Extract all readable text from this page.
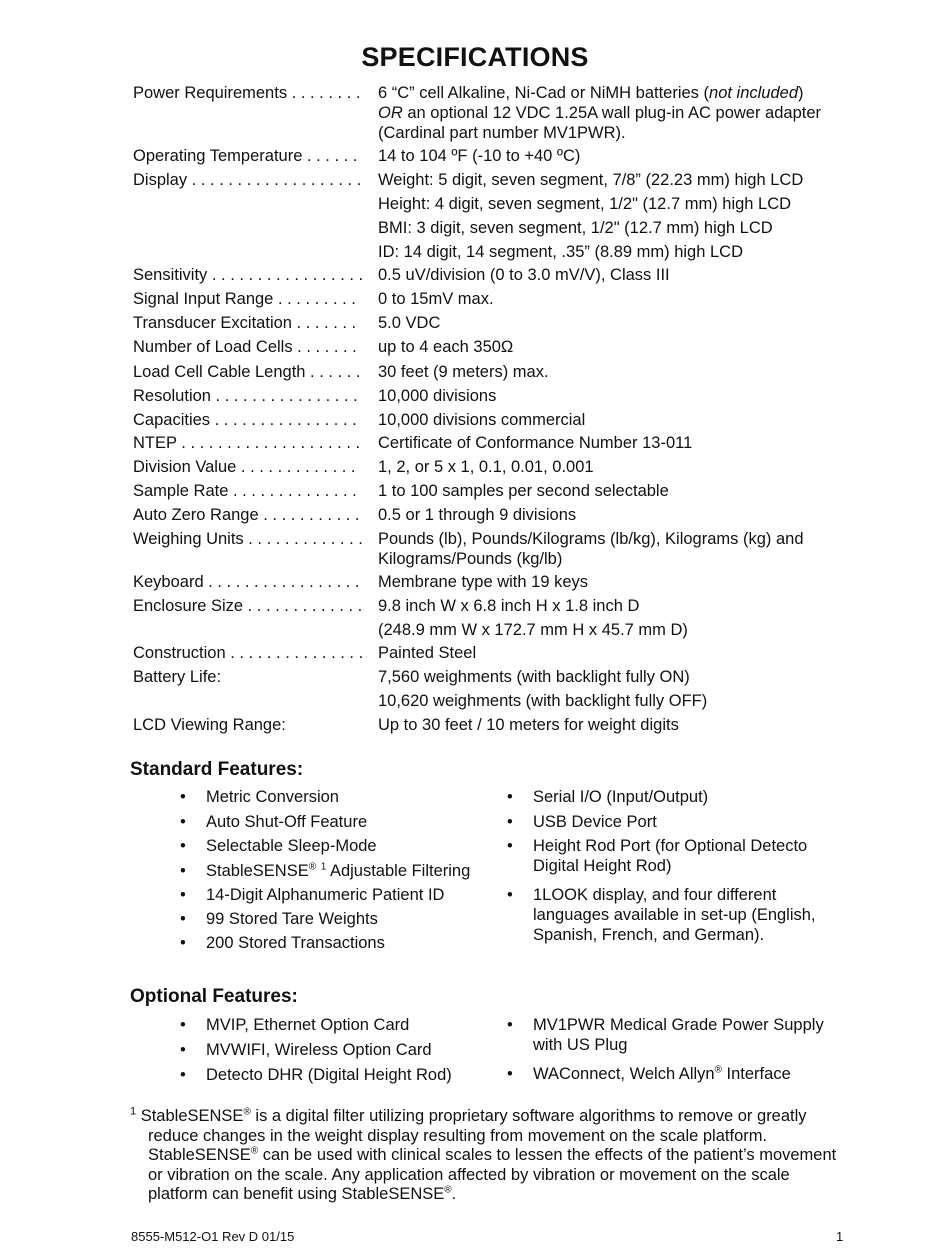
SPECIFICATIONS
Power Requirements . . . . . . . .	6 “C” cell Alkaline, Ni-Cad or NiMH batteries (not included)
OR an optional 12 VDC 1.25A wall plug-in AC power adapter
(Cardinal part number MV1PWR).
Operating Temperature . . . . . .	14 to 104 ºF (-10 to +40 ºC)
Display . . . . . . . . . . . . . . . . . . .	Weight: 5 digit, seven segment, 7/8” (22.23 mm) high LCD
Height: 4 digit, seven segment, 1/2" (12.7 mm) high LCD
BMI: 3 digit, seven segment, 1/2" (12.7 mm) high LCD
ID: 14 digit, 14 segment, .35” (8.89 mm) high LCD
Sensitivity . . . . . . . . . . . . . . . . . 0.5 uV/division (0 to 3.0 mV/V), Class III
Signal Input Range . . . . . . . . .	0 to 15mV max.
Transducer Excitation . . . . . . .	5.0 VDC
Number of Load Cells . . . . . . .	up to 4 each 350Ω
Load Cell Cable Length . . . . . .	30 feet (9 meters) max.
Resolution . . . . . . . . . . . . . . . .	10,000 divisions
Capacities . . . . . . . . . . . . . . . .	10,000 divisions commercial
NTEP . . . . . . . . . . . . . . . . . . . .	Certificate of Conformance Number 13-011
Division Value . . . . . . . . . . . . .	1, 2, or 5 x 1, 0.1, 0.01, 0.001
Sample Rate . . . . . . . . . . . . . .	1 to 100 samples per second selectable
Auto Zero Range . . . . . . . . . . .	0.5 or 1 through 9 divisions
Weighing Units . . . . . . . . . . . . . Pounds (lb), Pounds/Kilograms (lb/kg), Kilograms (kg) and
Kilograms/Pounds (kg/lb)
Keyboard . . . . . . . . . . . . . . . . .	Membrane type with 19 keys
Enclosure Size . . . . . . . . . . . . . 9.8 inch W x 6.8 inch H x 1.8 inch D
(248.9 mm W x 172.7 mm H x 45.7 mm D)
Construction . . . . . . . . . . . . . . . Painted Steel
Battery Life:	7,560 weighments (with backlight fully ON)
10,620 weighments (with backlight fully OFF)
LCD Viewing Range:	Up to 30 feet / 10 meters for weight digits
Standard Features:
•	Metric Conversion
•	Auto Shut-Off Feature
•	Selectable Sleep-Mode
•	StableSENSE® $^1$ Adjustable Filtering
•	14-Digit Alphanumeric Patient ID
•	99 Stored Tare Weights
•	200 Stored Transactions
•	Serial I/O (Input/Output)
•	USB Device Port
•	Height Rod Port (for Optional Detecto Digital Height Rod)
•	1LOOK display, and four different languages available in set-up (English, Spanish, French, and German).
Optional Features:
•	MVIP, Ethernet Option Card
•	MVWIFI, Wireless Option Card
•	Detecto DHR (Digital Height Rod)
•	MV1PWR Medical Grade Power Supply with US Plug
•	WAConnect, Welch Allyn® Interface
$^1$ StableSENSE® is a digital filter utilizing proprietary software algorithms to remove or greatly reduce changes in the weight display resulting from movement on the scale platform. StableSENSE® can be used with clinical scales to lessen the effects of the patient’s movement or vibration on the scale. Any application affected by vibration or movement on the scale platform can benefit using StableSENSE®.
8555-M512-O1 Rev D 01/15	1
